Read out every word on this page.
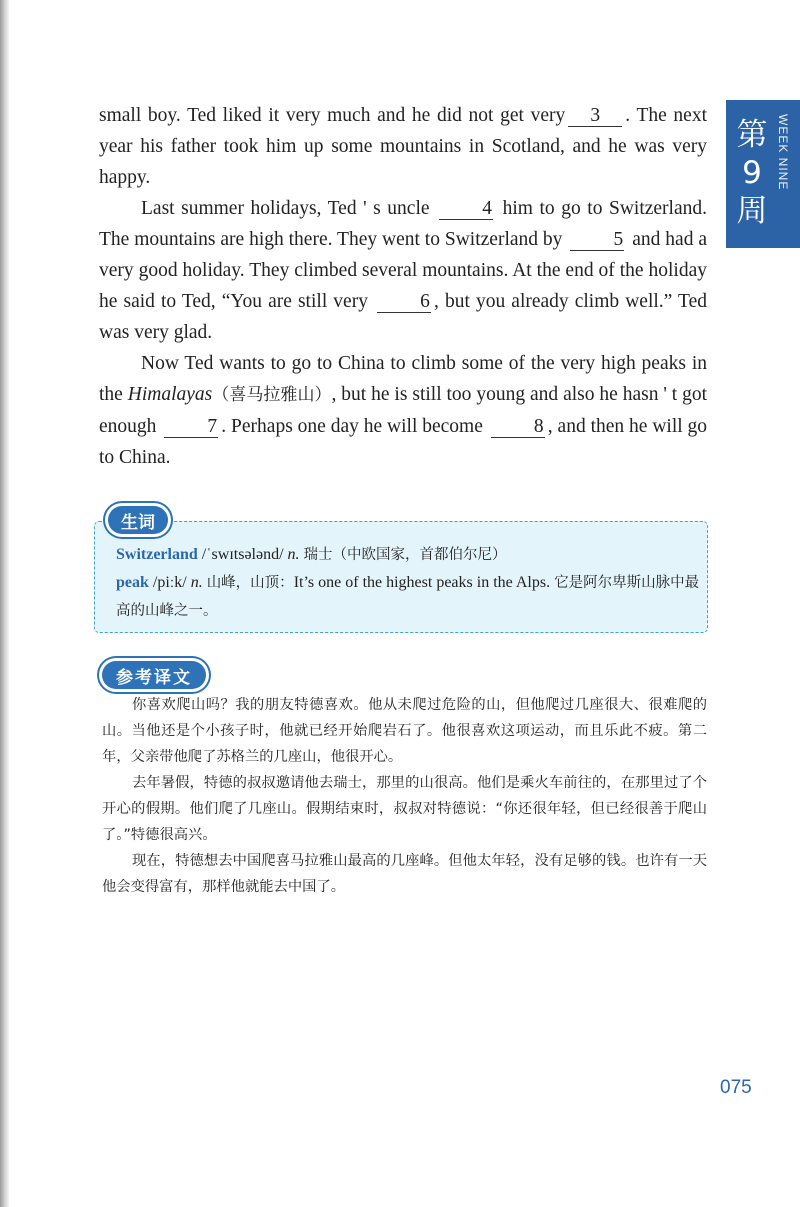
第9周
WEEK NINE

small boy. Ted liked it very much and he did not get very 3 . The next year his father took him up some mountains in Scotland, and he was very happy.

Last summer holidays, Ted ' s uncle	4 him to go to Switzerland. The mountains are high there. They went to Switzerland by	5 and had a very good holiday. They climbed several mountains. At the end of the holiday he said to Ted, “You are still very	6 , but you already climb well.” Ted was very glad.

Now Ted wants to go to China to climb some of the very high peaks in the Himalayas（喜马拉雅山）, but he is still too young and also he hasn ' t got enough	7 . Perhaps one day he will become	8 , and then he will go to China.

生词
Switzerland /ˈswɪtsələnd/ n. 瑞士（中欧国家，首都伯尔尼）
peak /piːk/ n. 山峰，山顶：It’s one of the highest peaks in the Alps. 它是阿尔卑斯山脉中最高的山峰之一。
参考译文

你喜欢爬山吗？我的朋友特德喜欢。他从未爬过危险的山，但他爬过几座很大、很难爬的山。当他还是个小孩子时，他就已经开始爬岩石了。他很喜欢这项运动，而且乐此不疲。第二年，父亲带他爬了苏格兰的几座山，他很开心。

去年暑假，特德的叔叔邀请他去瑞士，那里的山很高。他们是乘火车前往的，在那里过了个开心的假期。他们爬了几座山。假期结束时，叔叔对特德说：“你还很年轻，但已经很善于爬山了。”特德很高兴。

现在，特德想去中国爬喜马拉雅山最高的几座峰。但他太年轻，没有足够的钱。也许有一天他会变得富有，那样他就能去中国了。

075
